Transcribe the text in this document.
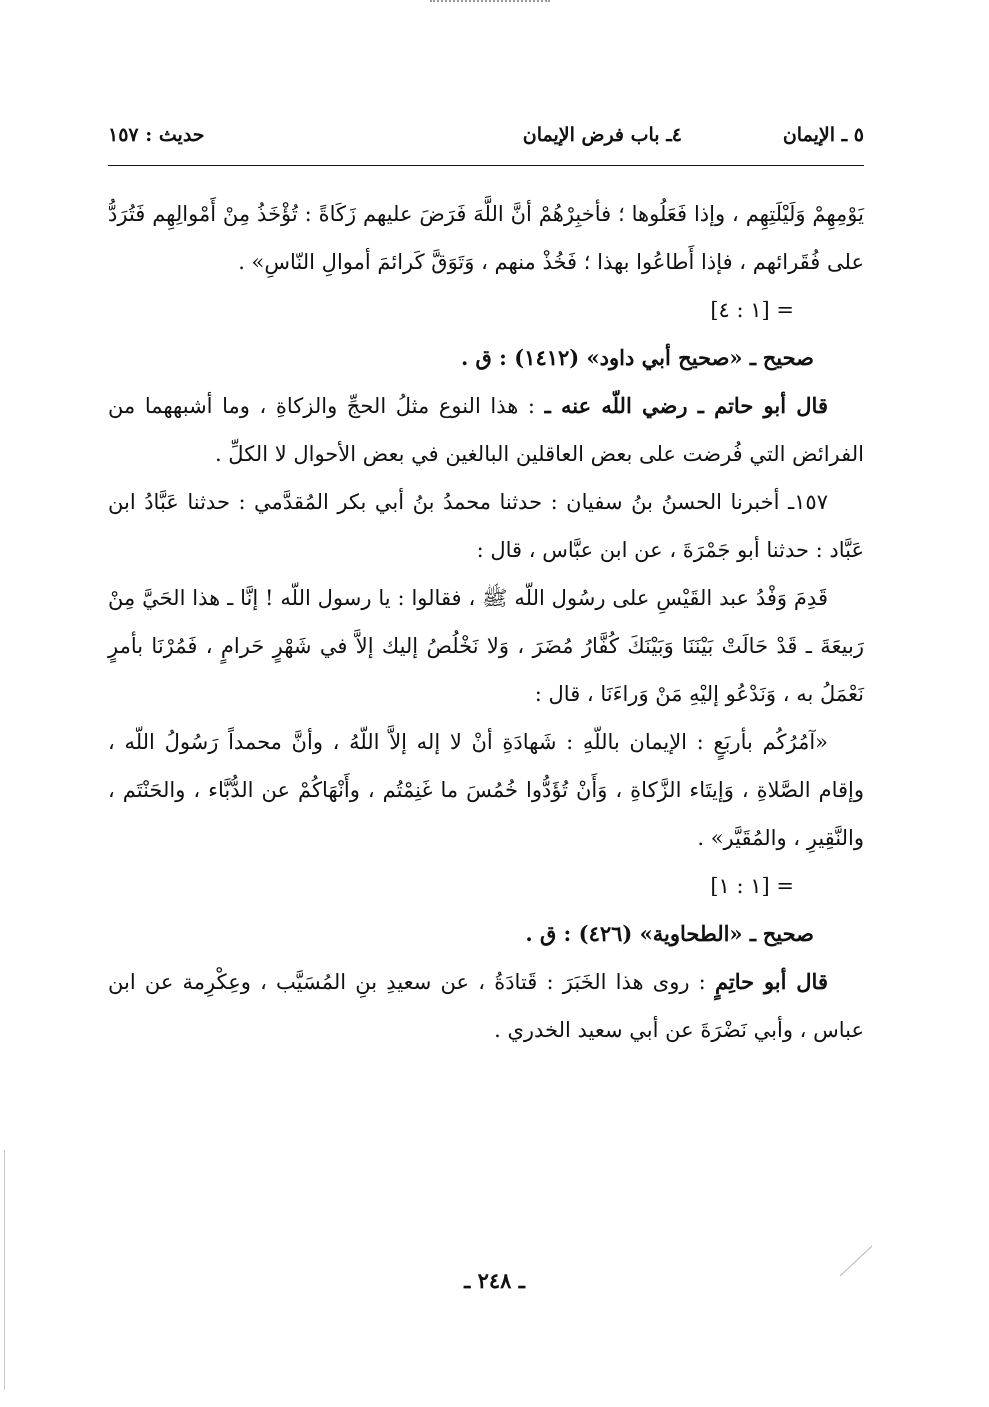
٥ ـ الإيمان
٤ـ باب فرض الإيمان
حديث : ١٥٧

يَوْمِهِمْ وَلَيْلَتِهِم ، وإذا فَعَلُوها ؛ فأخبِرْهُمْ أنَّ اللَّهَ فَرَضَ عليهم زَكَاةً : تُؤْخَذُ مِنْ أَمْوالِهِم فَتُرَدُّ على فُقَرائهم ، فإذا أَطاعُوا بهذا ؛ فَخُذْ منهم ، وَتَوَقَّ كَرائمَ أموالِ النّاسِ» .

= [١ : ٤]

صحيح ـ «صحيح أبي داود» (١٤١٢) : ق .

قال أبو حاتم ـ رضي اللّه عنه ـ : هذا النوع مثلُ الحجِّ والزكاةِ ، وما أشبههما من الفرائض التي فُرضت على بعض العاقلين البالغين في بعض الأحوال لا الكلِّ .

١٥٧ـ أخبرنا الحسنُ بنُ سفيان : حدثنا محمدُ بنُ أبي بكر المُقدَّمي : حدثنا عَبَّادُ ابن عَبَّاد : حدثنا أبو جَمْرَةَ ، عن ابن عبَّاس ، قال :

قَدِمَ وَفْدُ عبد القَيْسِ على رسُول اللّه ﷺ ، فقالوا : يا رسول اللّه ! إنَّا ـ هذا الحَيَّ مِنْ رَبيعَةَ ـ قَدْ حَالَتْ بَيْنَنَا وَبَيْنَكَ كُفَّارُ مُضَرَ ، وَلا نَخْلُصُ إليك إلاَّ في شَهْرٍ حَرامٍ ، فَمُرْنَا بأمرٍ نَعْمَلُ به ، وَنَدْعُو إليْهِ مَنْ وَراءَنَا ، قال :

«آمُرُكُم بأربَعٍ : الإيمان باللّهِ : شَهادَةِ أنْ لا إله إلاَّ اللّهُ ، وأنَّ محمداً رَسُولُ اللّه ، وإقام الصَّلاةِ ، وَإيتَاء الزَّكاةِ ، وَأَنْ تُؤَدُّوا خُمُسَ ما غَنِمْتُم ، وأَنْهَاكُمْ عن الدُّبَّاء ، والحَنْتَم ، والنَّقِيرِ ، والمُقَيَّر» .

= [١ : ١]

صحيح ـ «الطحاوية» (٤٢٦) : ق .

قال أبو حاتِمٍ : روى هذا الخَبَرَ : قَتادَةُ ، عن سعيدِ بنِ المُسَيَّب ، وعِكْرِمة عن ابن عباس ، وأبي نَضْرَةَ عن أبي سعيد الخدري .

ـ ٢٤٨ ـ
